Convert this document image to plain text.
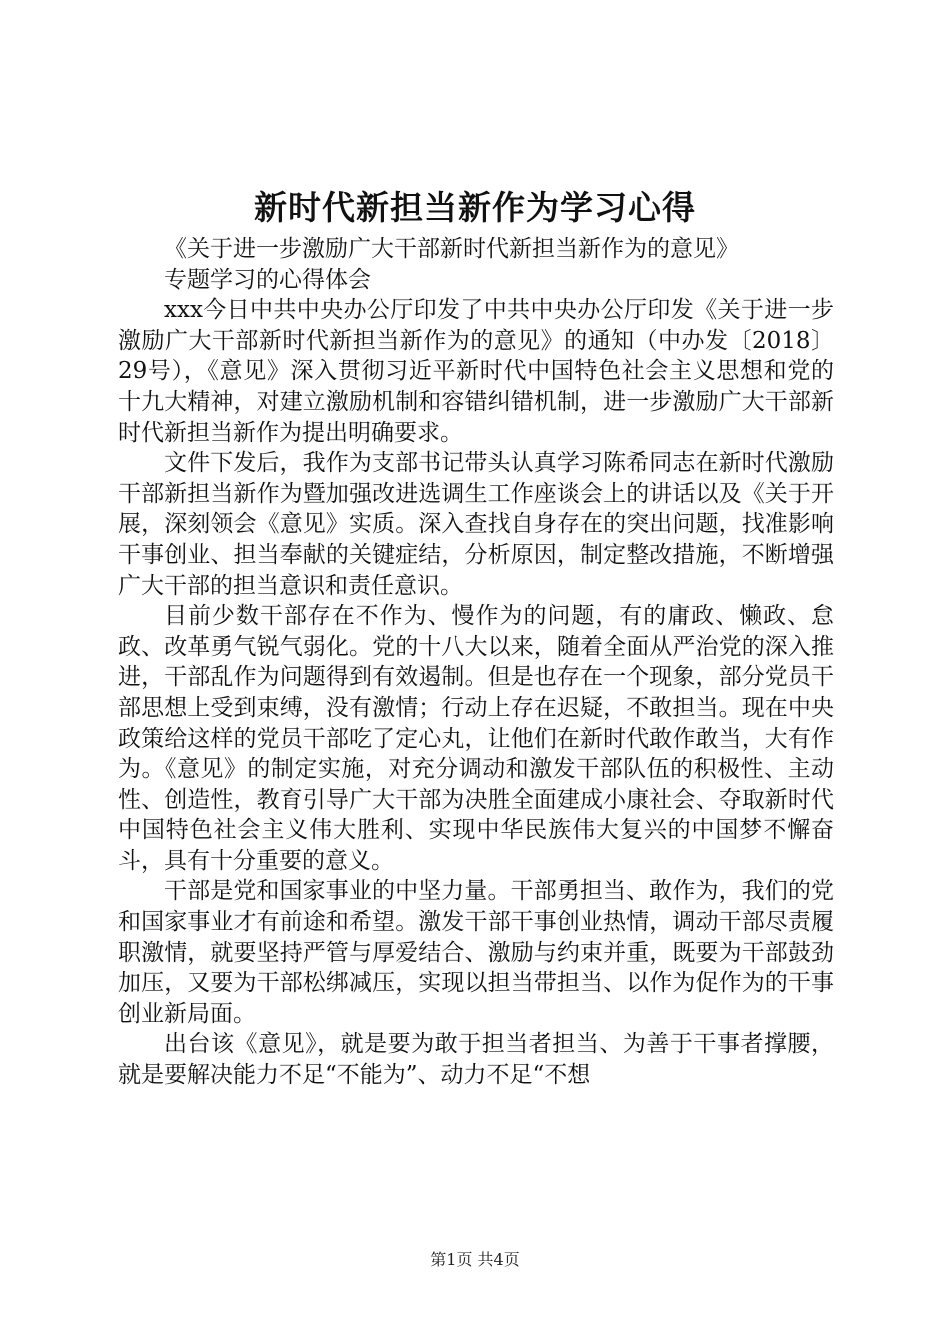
新时代新担当新作为学习心得

《关于进一步激励广大干部新时代新担当新作为的意见》

专题学习的心得体会

xxx今日中共中央办公厅印发了中共中央办公厅印发《关于进一步激励广大干部新时代新担当新作为的意见》的通知（中办发〔2018〕29号），《意见》深入贯彻习近平新时代中国特色社会主义思想和党的十九大精神，对建立激励机制和容错纠错机制，进一步激励广大干部新时代新担当新作为提出明确要求。

文件下发后，我作为支部书记带头认真学习陈希同志在新时代激励干部新担当新作为暨加强改进选调生工作座谈会上的讲话以及《关于开展，深刻领会《意见》实质。深入查找自身存在的突出问题，找准影响干事创业、担当奉献的关键症结，分析原因，制定整改措施，不断增强广大干部的担当意识和责任意识。

目前少数干部存在不作为、慢作为的问题，有的庸政、懒政、怠政、改革勇气锐气弱化。党的十八大以来，随着全面从严治党的深入推进，干部乱作为问题得到有效遏制。但是也存在一个现象，部分党员干部思想上受到束缚，没有激情；行动上存在迟疑，不敢担当。现在中央政策给这样的党员干部吃了定心丸，让他们在新时代敢作敢当，大有作为。《意见》的制定实施，对充分调动和激发干部队伍的积极性、主动性、创造性，教育引导广大干部为决胜全面建成小康社会、夺取新时代中国特色社会主义伟大胜利、实现中华民族伟大复兴的中国梦不懈奋斗，具有十分重要的意义。

干部是党和国家事业的中坚力量。干部勇担当、敢作为，我们的党和国家事业才有前途和希望。激发干部干事创业热情，调动干部尽责履职激情，就要坚持严管与厚爱结合、激励与约束并重，既要为干部鼓劲加压，又要为干部松绑减压，实现以担当带担当、以作为促作为的干事创业新局面。

出台该《意见》，就是要为敢于担当者担当、为善于干事者撑腰，就是要解决能力不足“不能为”、动力不足“不想

第1页 共4页
